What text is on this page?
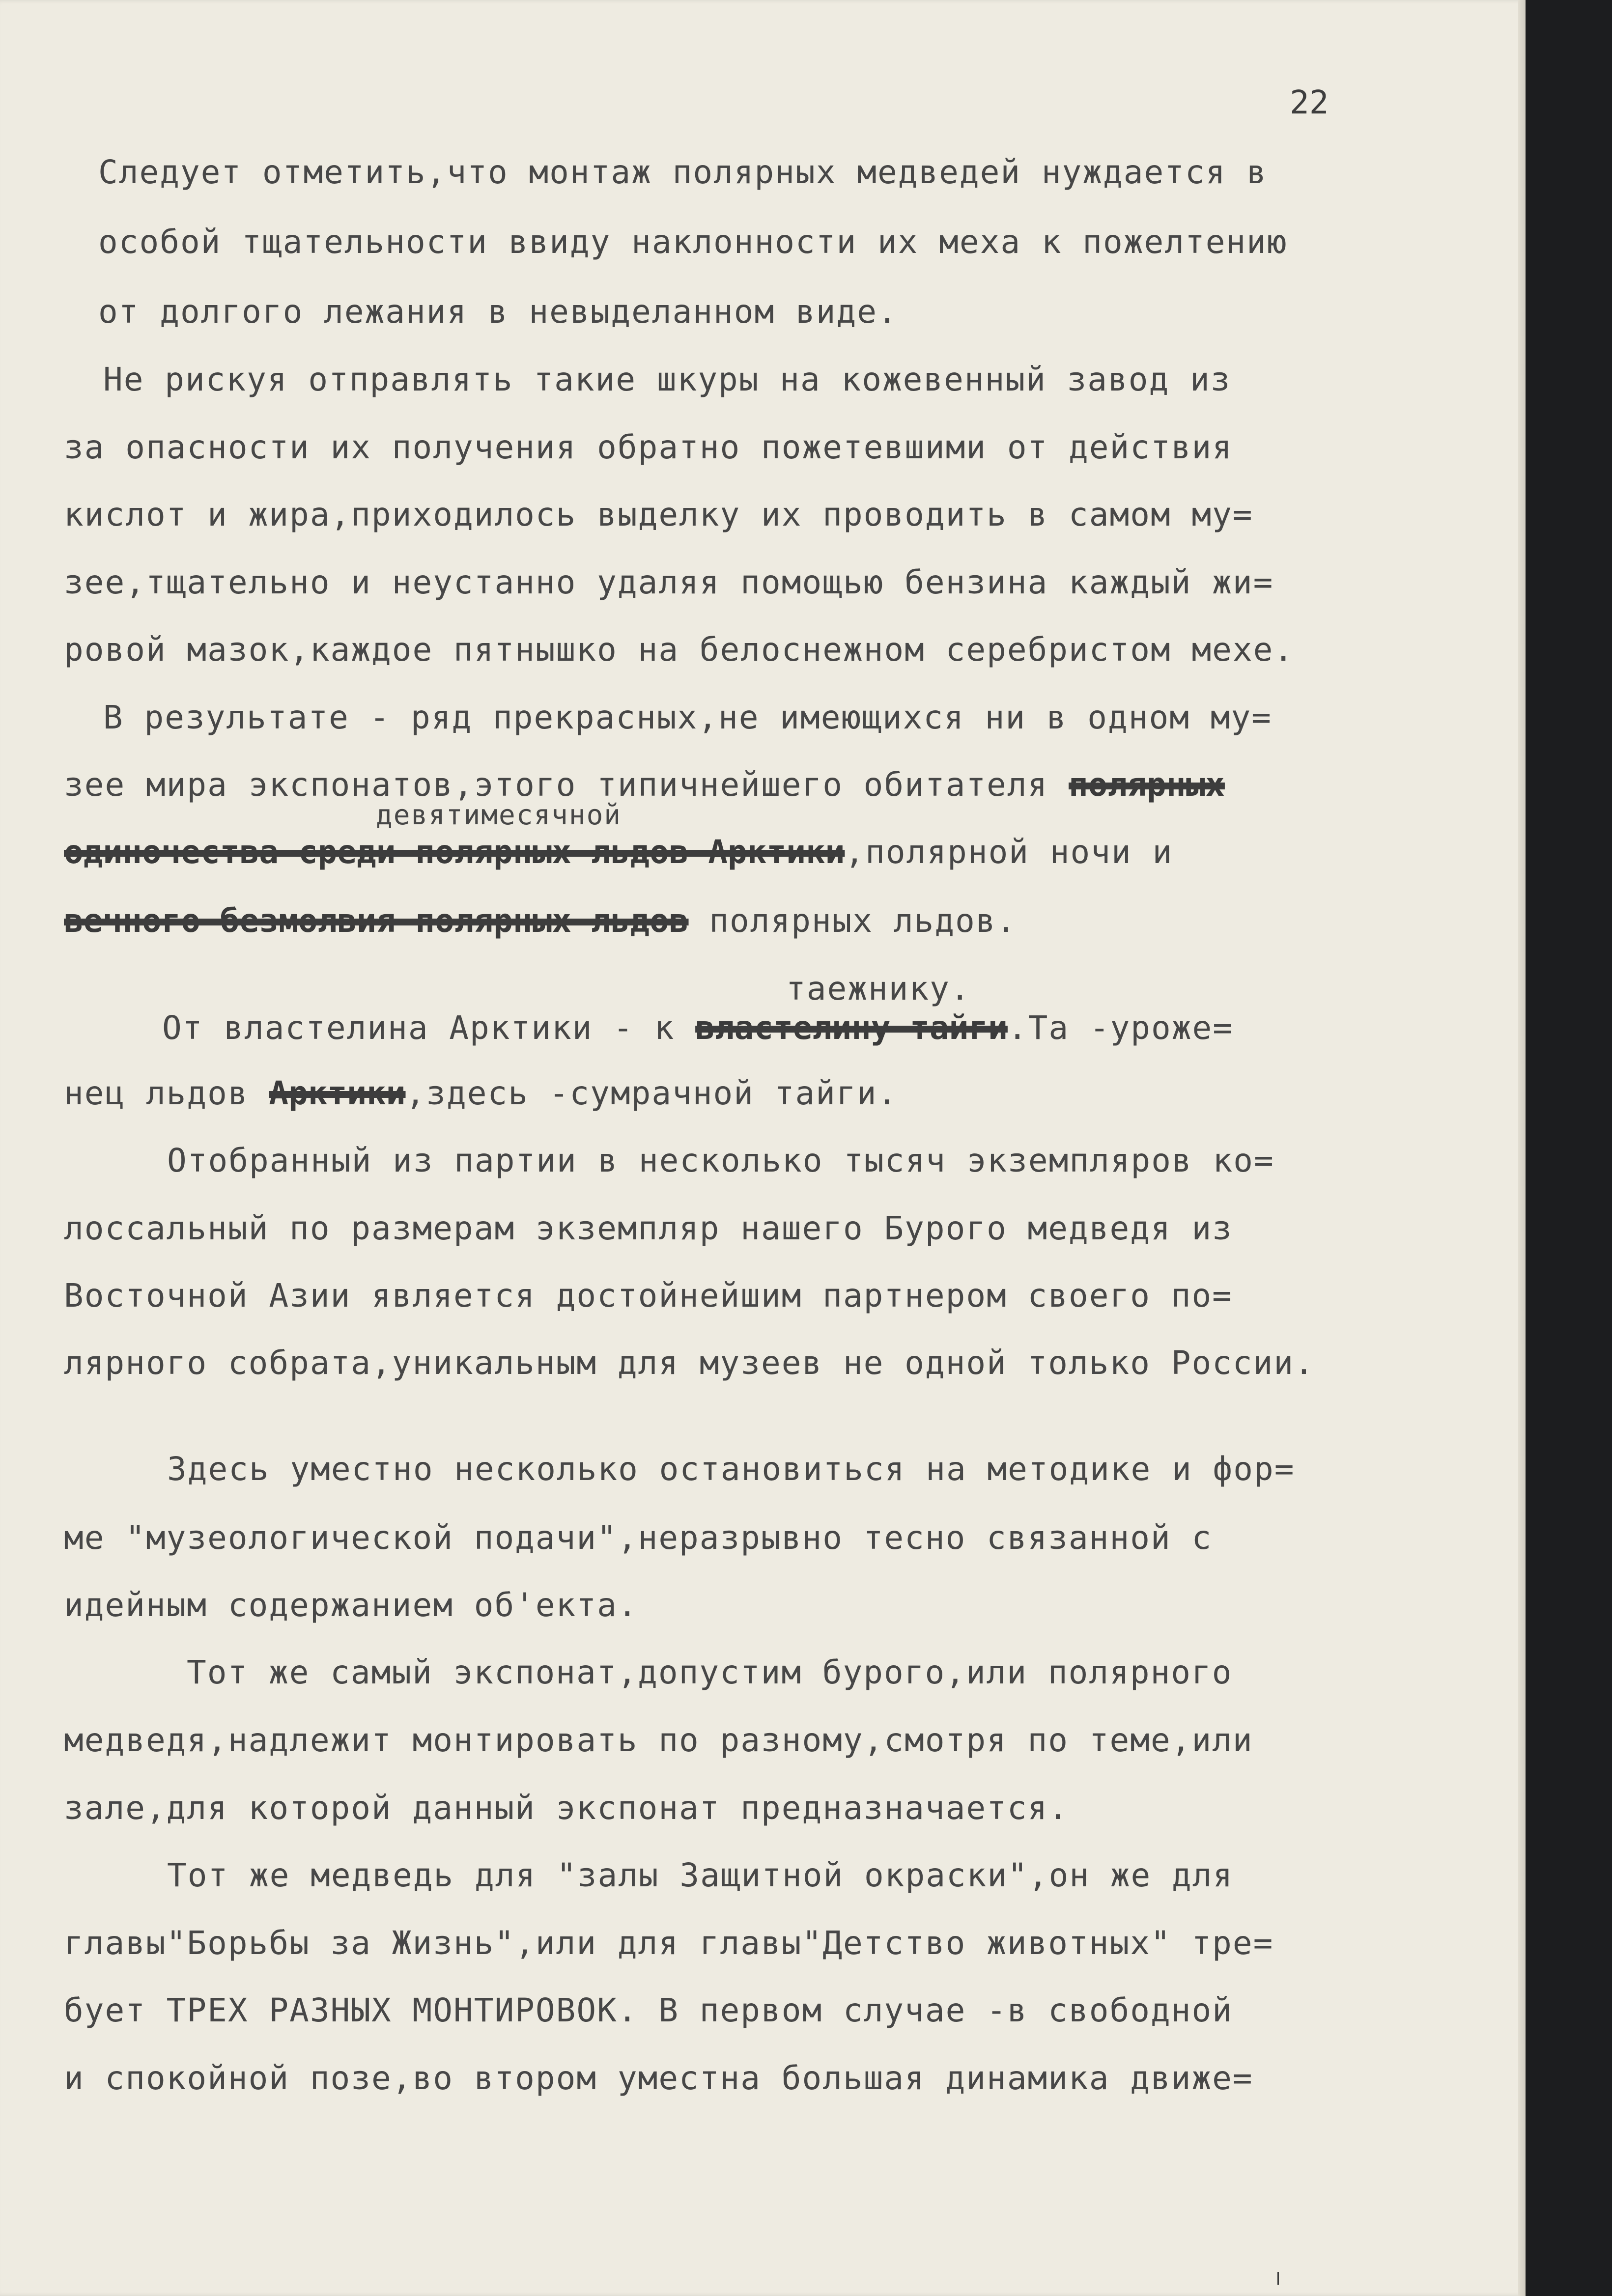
22
Следует отметить,что монтаж полярных медведей нуждается в
особой тщательности ввиду наклонности их меха к пожелтению
от долгого лежания в невыделанном виде.
Не рискуя отправлять такие шкуры на кожевенный завод из
за опасности их получения обратно пожетевшими от действия
кислот и жира,приходилось выделку их проводить в самом му=
зее,тщательно и неустанно удаляя помощью бензина каждый жи=
ровой мазок,каждое пятнышко на белоснежном серебристом мехе.
В результате - ряд прекрасных,не имеющихся ни в одном му=
зее мира экспонатов,этого типичнейшего обитателя полярных
девятимесячной
одиночества среди полярных льдов Арктики,полярной ночи и
вечного безмолвия полярных льдов полярных льдов.
таежнику.
От властелина Арктики - к властелину тайги.Та -уроже=
нец льдов Арктики,здесь -сумрачной тайги.
Отобранный из партии в несколько тысяч экземпляров ко=
лоссальный по размерам экземпляр нашего Бурого медведя из
Восточной Азии является достойнейшим партнером своего по=
лярного собрата,уникальным для музеев не одной только России.
Здесь уместно несколько остановиться на методике и фор=
ме "музеологической подачи",неразрывно тесно связанной с
идейным содержанием об'екта.
Тот же самый экспонат,допустим бурого,или полярного
медведя,надлежит монтировать по разному,смотря по теме,или
зале,для которой данный экспонат предназначается.
Тот же медведь для "залы Защитной окраски",он же для
главы"Борьбы за Жизнь",или для главы"Детство животных" тре=
бует ТРЕХ РАЗНЫХ МОНТИРОВОК. В первом случае -в свободной
и спокойной позе,во втором уместна большая динамика движе=
